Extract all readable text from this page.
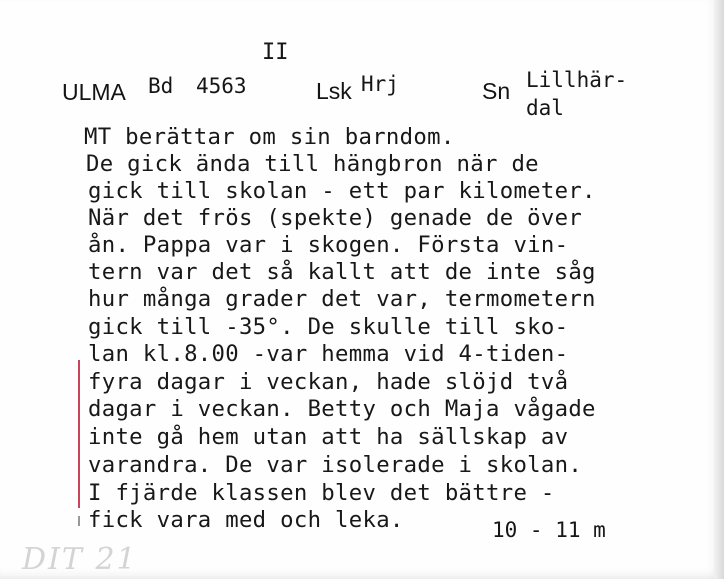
II
ULMA Bd 4563	Lsk Hrj	Sn Lillhär-
dal
MT berättar om sin barndom.
De gick ända till hängbron när de
gick till skolan - ett par kilometer.
När det frös (spekte) genade de över
ån. Pappa var i skogen. Första vin-
tern var det så kallt att de inte såg
hur många grader det var, termometern
gick till -35°. De skulle till sko-
lan kl.8.00 -var hemma vid 4-tiden-
fyra dagar i veckan, hade slöjd två
dagar i veckan. Betty och Maja vågade
inte gå hem utan att ha sällskap av
varandra. De var isolerade i skolan.
I fjärde klassen blev det bättre -
fick vara med och leka.	10 - 11 m
DIT 21
